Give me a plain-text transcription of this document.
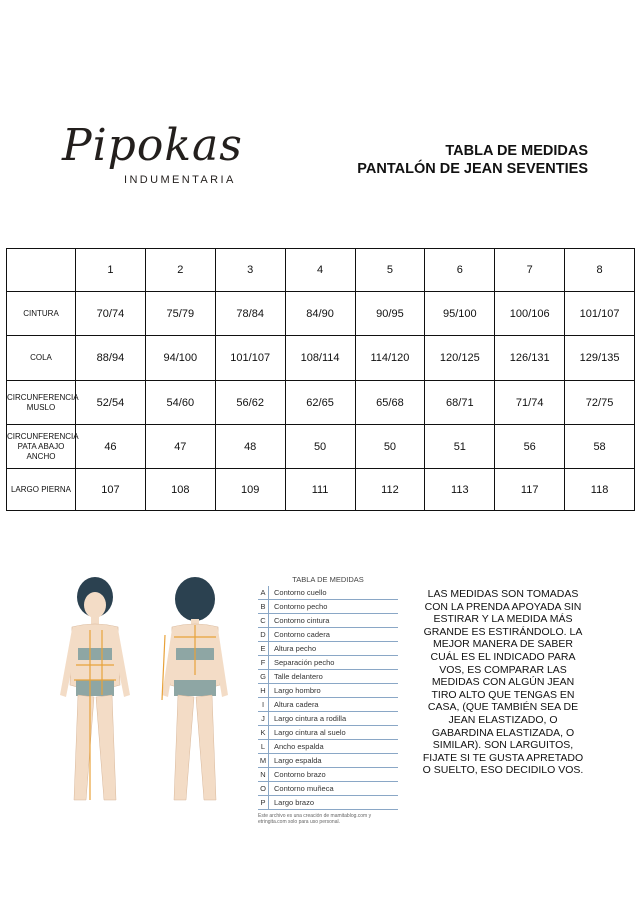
Pipokas
INDUMENTARIA
TABLA DE MEDIDAS
PANTALÓN DE JEAN SEVENTIES
	1	2	3	4	5	6	7	8
CINTURA	70/74	75/79	78/84	84/90	90/95	95/100	100/106	101/107
COLA	88/94	94/100	101/107	108/114	114/120	120/125	126/131	129/135
CIRCUNFERENCIA MUSLO	52/54	54/60	56/62	62/65	65/68	68/71	71/74	72/75
CIRCUNFERENCIA PATA ABAJO ANCHO	46	47	48	50	50	51	56	58
LARGO PIERNA	107	108	109	111	112	113	117	118
TABLA DE MEDIDAS
A	Contorno cuello
B	Contorno pecho
C	Contorno cintura
D	Contorno cadera
E	Altura pecho
F	Separación pecho
G	Talle delantero
H	Largo hombro
I	Altura cadera
J	Largo cintura a rodilla
K	Largo cintura al suelo
L	Ancho espalda
M	Largo espalda
N	Contorno brazo
O	Contorno muñeca
P	Largo brazo
Este archivo es una creación de mamitablog.com y etringita.com solo para uso personal.
LAS MEDIDAS SON TOMADAS CON LA PRENDA APOYADA SIN ESTIRAR Y LA MEDIDA MÁS GRANDE ES ESTIRÁNDOLO. LA MEJOR MANERA DE SABER CUÁL ES EL INDICADO PARA VOS, ES COMPARAR LAS MEDIDAS CON ALGÚN JEAN TIRO ALTO QUE TENGAS EN CASA, (QUE TAMBIÉN SEA DE JEAN ELASTIZADO, O GABARDINA ELASTIZADA, O SIMILAR). SON LARGUITOS, FIJATE SI TE GUSTA APRETADO O SUELTO, ESO DECIDILO VOS.
